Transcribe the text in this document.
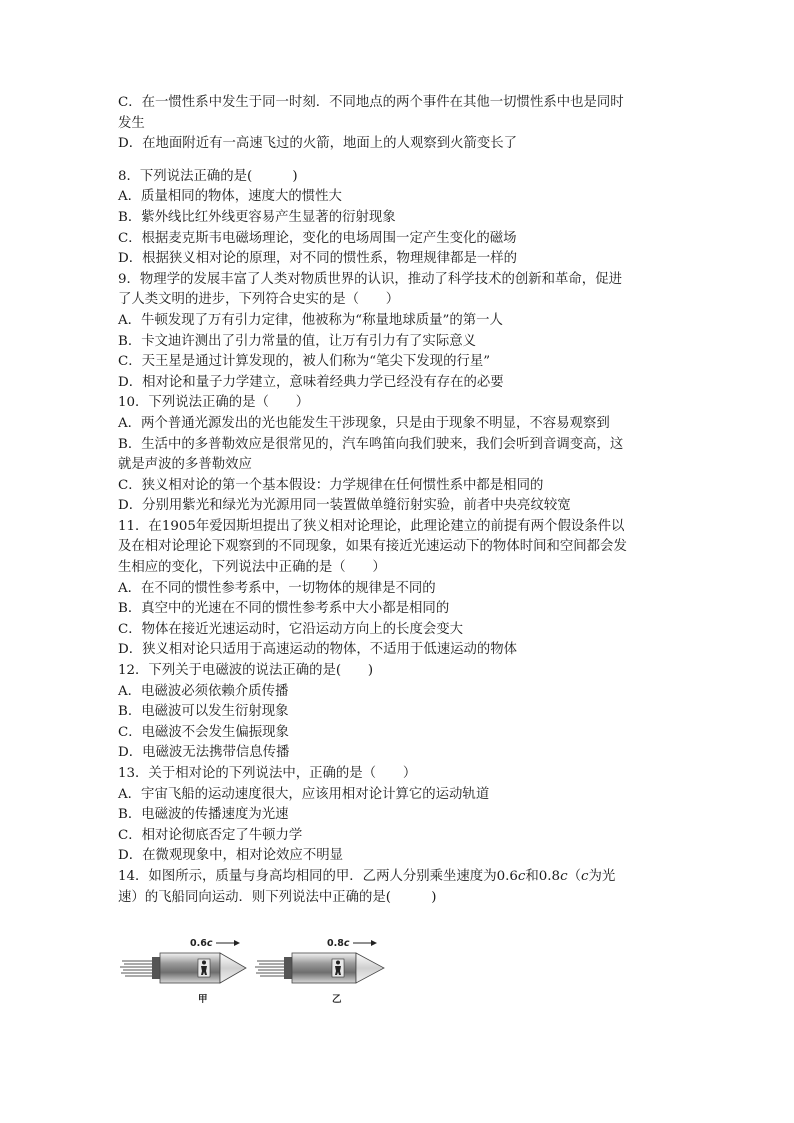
C．在一惯性系中发生于同一时刻．不同地点的两个事件在其他一切惯性系中也是同时
发生
D．在地面附近有一高速飞过的火箭，地面上的人观察到火箭变长了
8．下列说法正确的是(　　　)
A．质量相同的物体，速度大的惯性大
B．紫外线比红外线更容易产生显著的衍射现象
C．根据麦克斯韦电磁场理论，变化的电场周围一定产生变化的磁场
D．根据狭义相对论的原理，对不同的惯性系，物理规律都是一样的
9．物理学的发展丰富了人类对物质世界的认识，推动了科学技术的创新和革命，促进
了人类文明的进步，下列符合史实的是（　　）
A．牛顿发现了万有引力定律，他被称为“称量地球质量”的第一人
B．卡文迪许测出了引力常量的值，让万有引力有了实际意义
C．天王星是通过计算发现的，被人们称为“笔尖下发现的行星”
D．相对论和量子力学建立，意味着经典力学已经没有存在的必要
10．下列说法正确的是（　　）
A．两个普通光源发出的光也能发生干涉现象，只是由于现象不明显，不容易观察到
B．生活中的多普勒效应是很常见的，汽车鸣笛向我们驶来，我们会听到音调变高，这
就是声波的多普勒效应
C．狭义相对论的第一个基本假设：力学规律在任何惯性系中都是相同的
D．分别用紫光和绿光为光源用同一装置做单缝衍射实验，前者中央亮纹较宽
11．在1905年爱因斯坦提出了狭义相对论理论，此理论建立的前提有两个假设条件以
及在相对论理论下观察到的不同现象，如果有接近光速运动下的物体时间和空间都会发
生相应的变化，下列说法中正确的是（　　）
A．在不同的惯性参考系中，一切物体的规律是不同的
B．真空中的光速在不同的惯性参考系中大小都是相同的
C．物体在接近光速运动时，它沿运动方向上的长度会变大
D．狭义相对论只适用于高速运动的物体，不适用于低速运动的物体
12．下列关于电磁波的说法正确的是(　　)
A．电磁波必须依赖介质传播
B．电磁波可以发生衍射现象
C．电磁波不会发生偏振现象
D．电磁波无法携带信息传播
13．关于相对论的下列说法中，正确的是（　　）
A．宇宙飞船的运动速度很大，应该用相对论计算它的运动轨道
B．电磁波的传播速度为光速
C．相对论彻底否定了牛顿力学
D．在微观现象中，相对论效应不明显
14．如图所示，质量与身高均相同的甲．乙两人分别乘坐速度为0.6c和0.8c（c为光
速）的飞船同向运动．则下列说法中正确的是(　　　)
0.6c
甲
0.8c
乙
